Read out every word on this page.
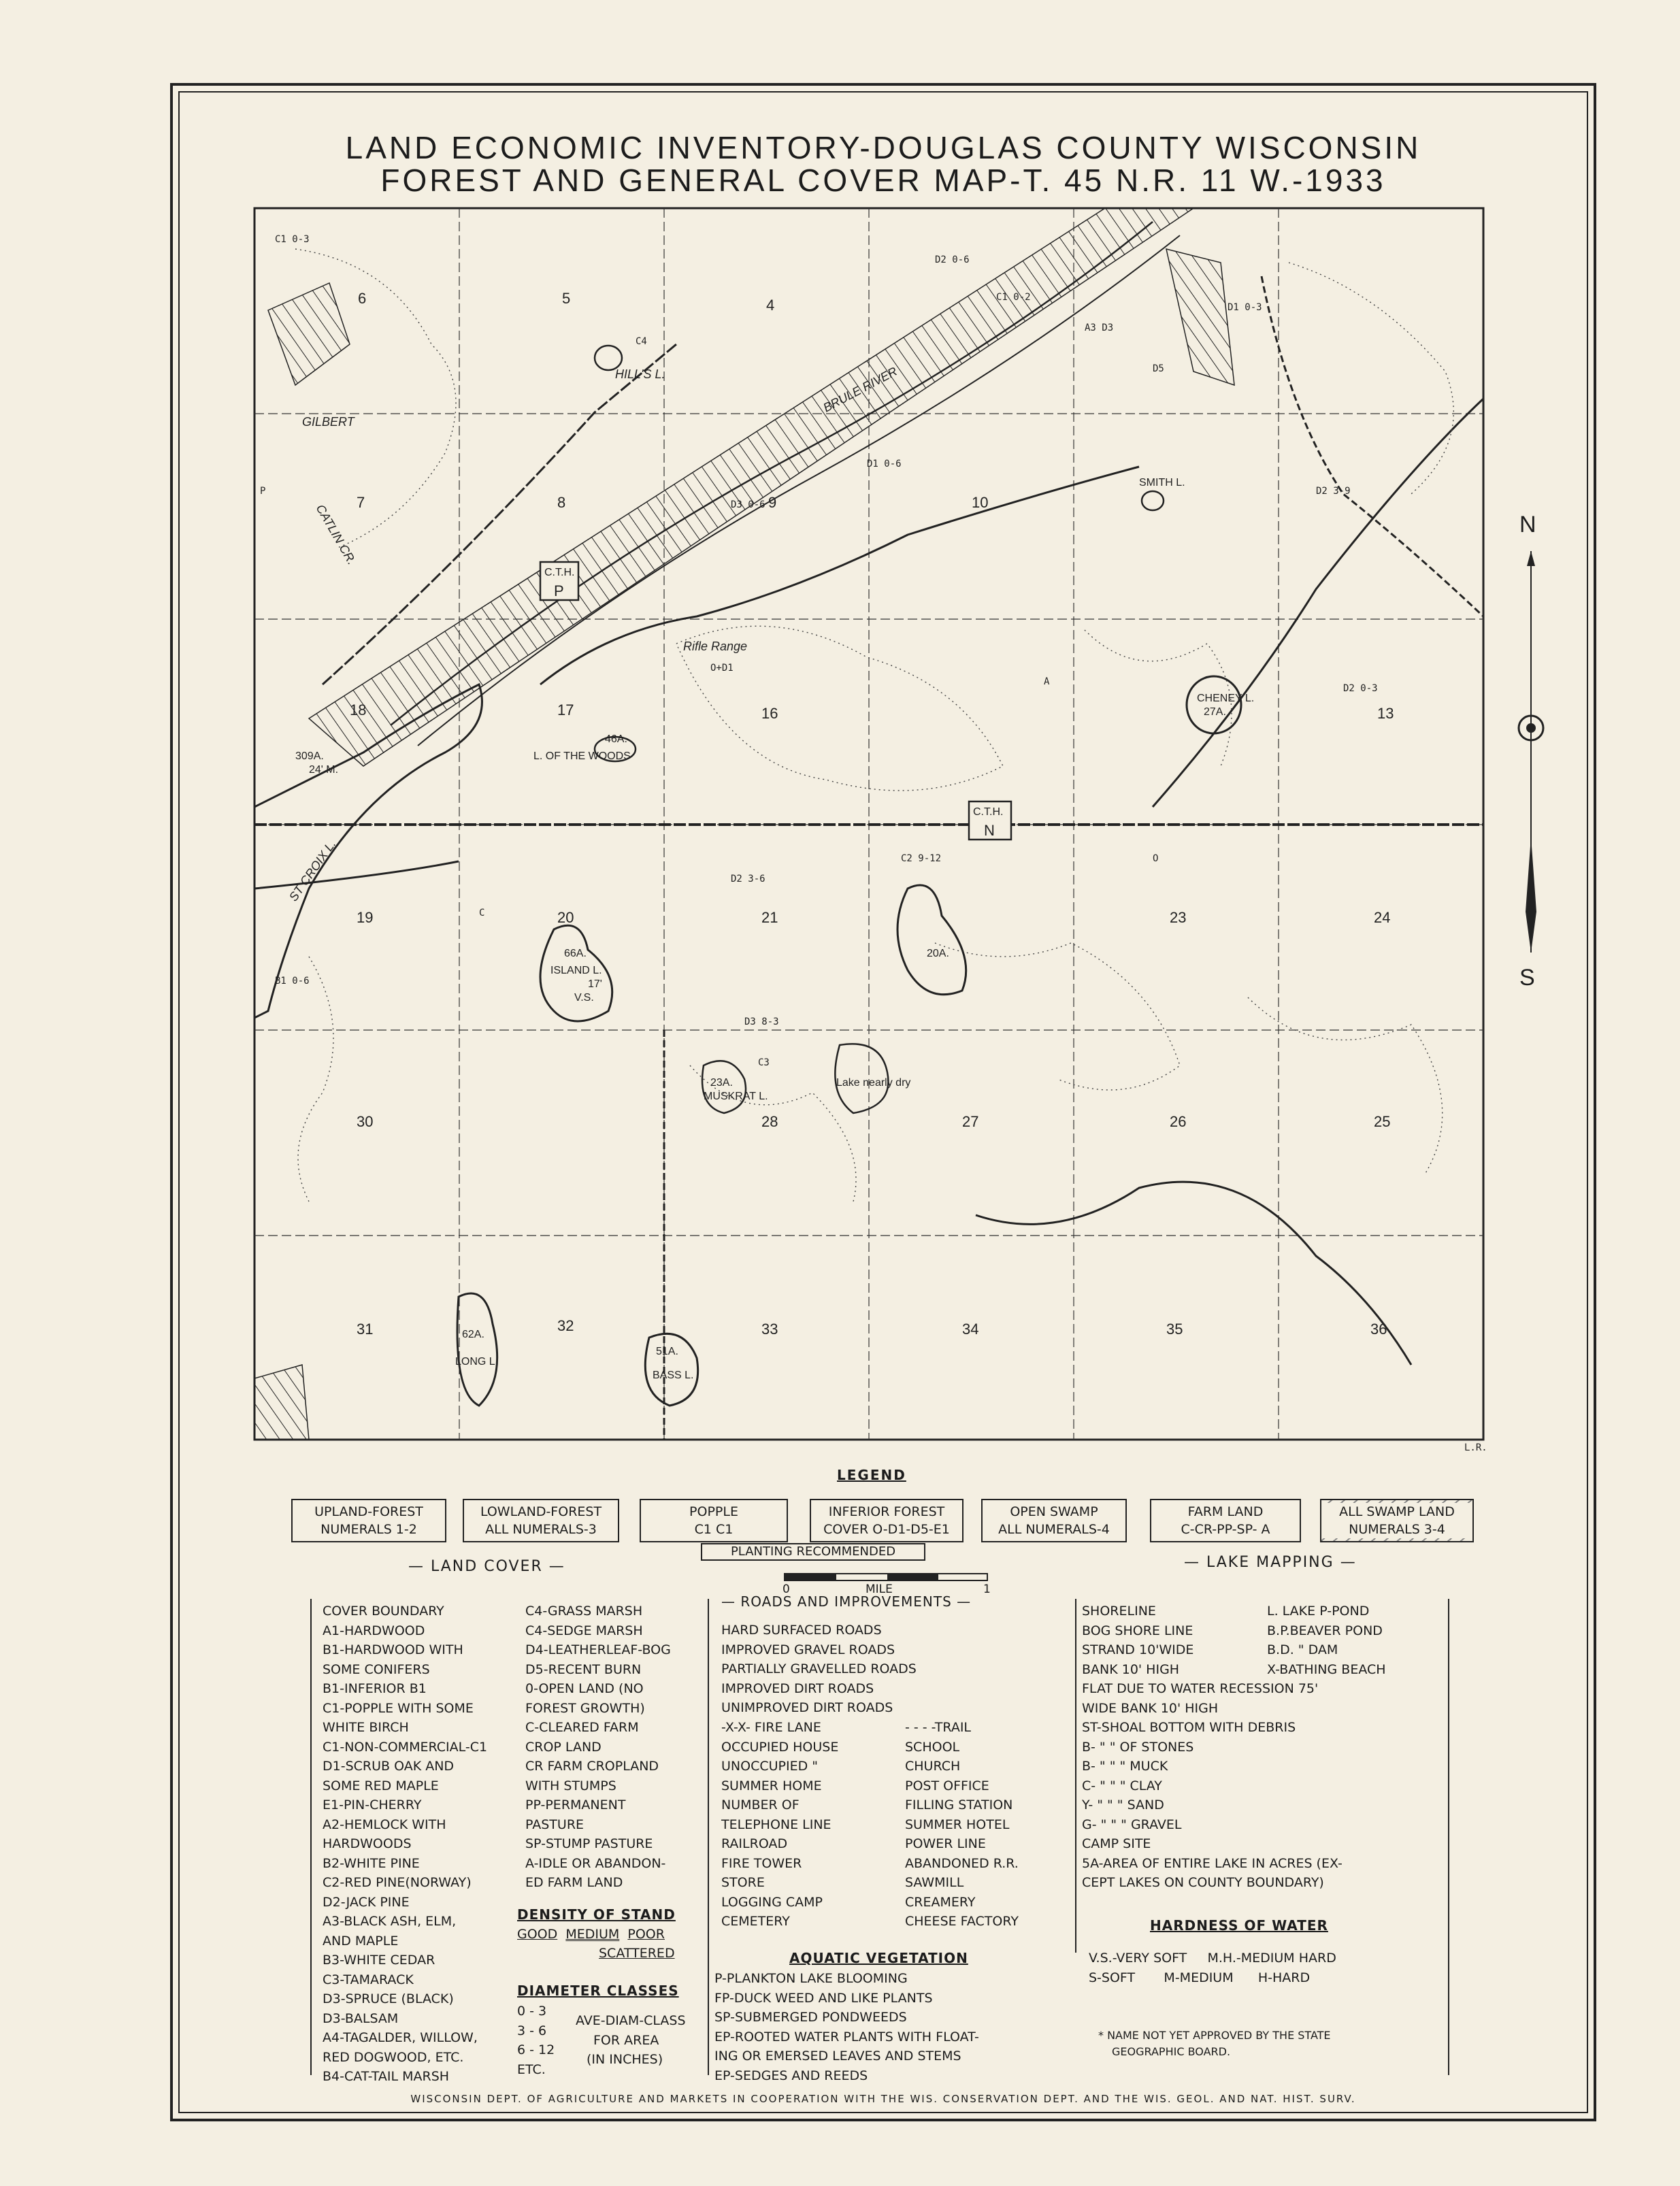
LAND ECONOMIC INVENTORY-DOUGLAS COUNTY WISCONSIN
FOREST AND GENERAL COVER MAP-T. 45 N.R. 11 W.-1933
6	5	4
7	8	9	10
18	17	16	13
19	20	21	23	24
30	28	27	26	25
31	32	33	34	35	36
BRULE RIVER
C.T.H.
P
C.T.H.
N
Rifle Range
ST CROIX L.
309A.
24' M.
CHENEY L.
27A.
SMITH L.
HILL'S L.
GILBERT
CATLIN CR.
46A.
L. OF THE WOODS
66A.
ISLAND L.
17'
V.S.
20A.
23A.
MUSKRAT L.
Lake nearly dry
62A.
LONG L.
51A.
BASS L.
L.R.
C1 0-3
D1 0-3
D2 3-9
O+D1
D2 0-3
A
C
D3 0-6
C4
D1 0-6
B1 0-6
C2 9-12
D2 3-6
D5
P
O
D3 8-3
C1 0-2
D2 0-6
A3 D3
C3
N
S
LEGEND
UPLAND-FOREST
NUMERALS 1-2
LOWLAND-FOREST
ALL NUMERALS-3
POPPLE
C1 C1
INFERIOR FOREST
COVER O-D1-D5-E1
OPEN SWAMP
ALL NUMERALS-4
FARM LAND
C-CR-PP-SP- A
ALL SWAMP LAND
NUMERALS 3-4
PLANTING RECOMMENDED
— LAND COVER —	— LAKE MAPPING —
0	MILE	1
COVER BOUNDARY
A1-HARDWOOD
B1-HARDWOOD WITH
SOME CONIFERS
B1-INFERIOR B1
C1-POPPLE WITH SOME
WHITE BIRCH
C1-NON-COMMERCIAL-C1
D1-SCRUB OAK AND
SOME RED MAPLE
E1-PIN-CHERRY
A2-HEMLOCK WITH
HARDWOODS
B2-WHITE PINE
C2-RED PINE(NORWAY)
D2-JACK PINE
A3-BLACK ASH, ELM,
AND MAPLE
B3-WHITE CEDAR
C3-TAMARACK
D3-SPRUCE (BLACK)
D3-BALSAM
A4-TAGALDER, WILLOW,
RED DOGWOOD, ETC.
B4-CAT-TAIL MARSH
C4-GRASS MARSH
C4-SEDGE MARSH
D4-LEATHERLEAF-BOG
D5-RECENT BURN
0-OPEN LAND (NO
FOREST GROWTH)
C-CLEARED FARM
CROP LAND
CR FARM CROPLAND
WITH STUMPS
PP-PERMANENT
PASTURE
SP-STUMP PASTURE
A-IDLE OR ABANDON-
ED FARM LAND
DENSITY OF STAND
GOOD MEDIUM POOR
SCATTERED
DIAMETER CLASSES
0 - 3
3 - 6
6 - 12
ETC.
AVE-DIAM-CLASS
FOR AREA
(IN INCHES)
— ROADS AND IMPROVEMENTS —
HARD SURFACED ROADS
IMPROVED GRAVEL ROADS
PARTIALLY GRAVELLED ROADS
IMPROVED DIRT ROADS
UNIMPROVED DIRT ROADS
-X-X- FIRE LANE
OCCUPIED HOUSE
UNOCCUPIED "
SUMMER HOME
NUMBER OF
TELEPHONE LINE
RAILROAD
FIRE TOWER
STORE
LOGGING CAMP
CEMETERY
- - - -TRAIL
SCHOOL
CHURCH
POST OFFICE
FILLING STATION
SUMMER HOTEL
POWER LINE
ABANDONED R.R.
SAWMILL
CREAMERY
CHEESE FACTORY
AQUATIC VEGETATION
P-PLANKTON LAKE BLOOMING
FP-DUCK WEED AND LIKE PLANTS
SP-SUBMERGED PONDWEEDS
EP-ROOTED WATER PLANTS WITH FLOAT-
ING OR EMERSED LEAVES AND STEMS
EP-SEDGES AND REEDS
SHORELINE
BOG SHORE LINE
STRAND 10'WIDE
BANK 10' HIGH
FLAT DUE TO WATER RECESSION 75'
WIDE BANK 10' HIGH
ST-SHOAL BOTTOM WITH DEBRIS
B- " " OF STONES
B- " " " MUCK
C- " " " CLAY
Y- " " " SAND
G- " " " GRAVEL
CAMP SITE
5A-AREA OF ENTIRE LAKE IN ACRES (EX-
CEPT LAKES ON COUNTY BOUNDARY)
L. LAKE P-POND
B.P.BEAVER POND
B.D. " DAM
X-BATHING BEACH
HARDNESS OF WATER
V.S.-VERY SOFT M.H.-MEDIUM HARD
S-SOFT M-MEDIUM H-HARD
* NAME NOT YET APPROVED BY THE STATE
GEOGRAPHIC BOARD.
WISCONSIN DEPT. OF AGRICULTURE AND MARKETS IN COOPERATION WITH THE WIS. CONSERVATION DEPT. AND THE WIS. GEOL. AND NAT. HIST. SURV.
